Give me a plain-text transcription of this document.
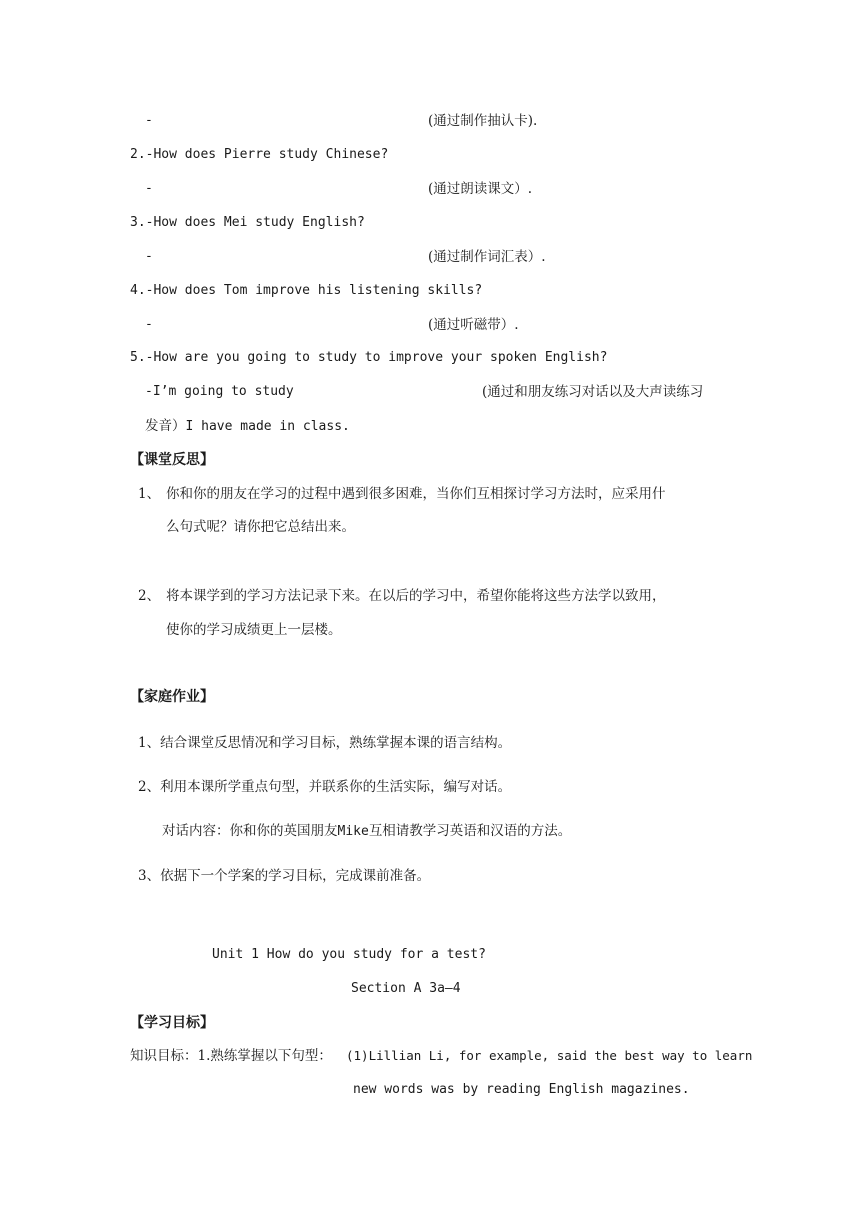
-	(通过制作抽认卡).
2.-How does Pierre study Chinese?
-	(通过朗读课文）.
3.-How does Mei study English?
-	(通过制作词汇表）.
4.-How does Tom improve his listening skills?
-	(通过听磁带）.
5.-How are you going to study to improve your spoken English?
-I’m going to study	(通过和朋友练习对话以及大声读练习
发音）I have made in class.
【课堂反思】
1、 你和你的朋友在学习的过程中遇到很多困难，当你们互相探讨学习方法时，应采用什
么句式呢？请你把它总结出来。
2、 将本课学到的学习方法记录下来。在以后的学习中，希望你能将这些方法学以致用，
使你的学习成绩更上一层楼。
【家庭作业】
1、结合课堂反思情况和学习目标，熟练掌握本课的语言结构。
2、利用本课所学重点句型，并联系你的生活实际，编写对话。
对话内容：你和你的英国朋友Mike互相请教学习英语和汉语的方法。
3、依据下一个学案的学习目标，完成课前准备。
Unit 1 How do you study for a test?
Section A 3a—4
【学习目标】
知识目标：1.熟练掌握以下句型： (1)Lillian Li, for example, said the best way to learn
new words was by reading English magazines.
